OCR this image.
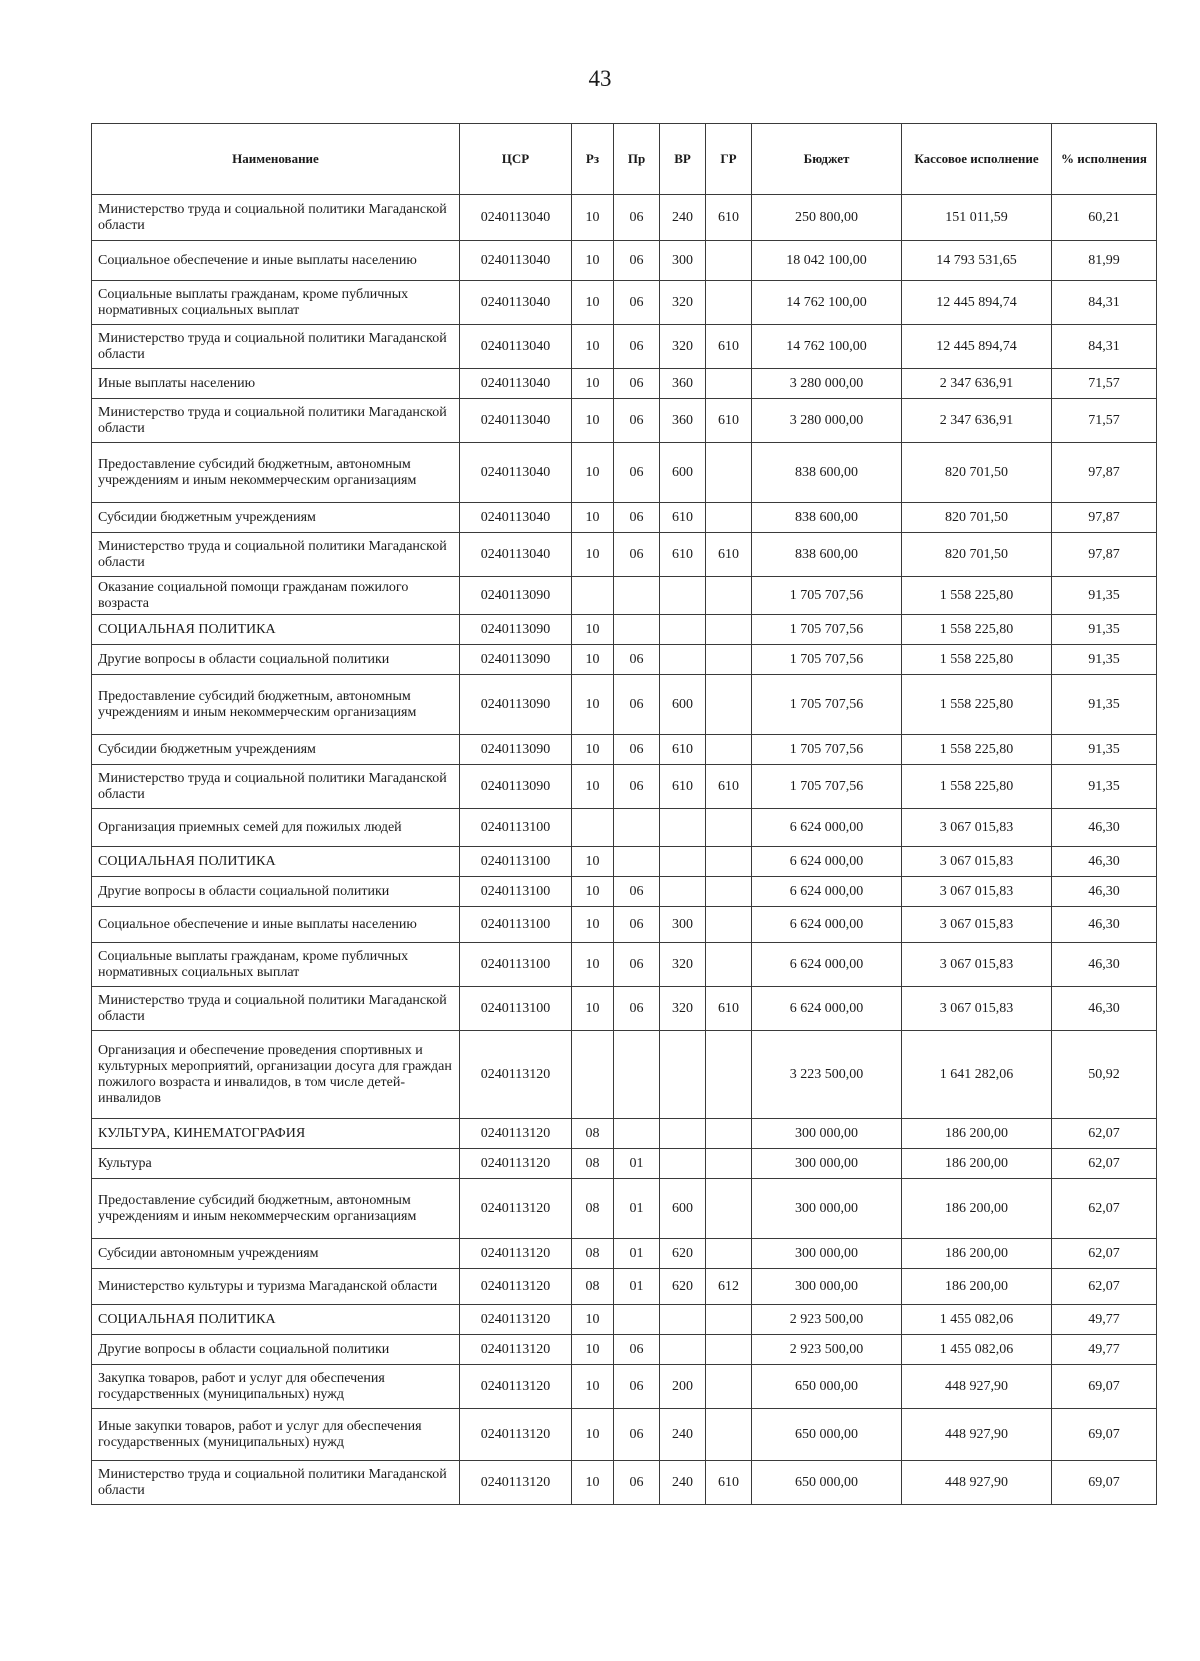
43
Наименование	ЦСР	Рз	Пр	ВР	ГР	Бюджет	Кассовое исполнение	% исполнения
Министерство труда и социальной политики Магаданской области	0240113040	10	06	240	610	250 800,00	151 011,59	60,21
Социальное обеспечение и иные выплаты населению	0240113040	10	06	300		18 042 100,00	14 793 531,65	81,99
Социальные выплаты гражданам, кроме публичных нормативных социальных выплат	0240113040	10	06	320		14 762 100,00	12 445 894,74	84,31
Министерство труда и социальной политики Магаданской области	0240113040	10	06	320	610	14 762 100,00	12 445 894,74	84,31
Иные выплаты населению	0240113040	10	06	360		3 280 000,00	2 347 636,91	71,57
Министерство труда и социальной политики Магаданской области	0240113040	10	06	360	610	3 280 000,00	2 347 636,91	71,57
Предоставление субсидий бюджетным, автономным учреждениям и иным некоммерческим организациям	0240113040	10	06	600		838 600,00	820 701,50	97,87
Субсидии бюджетным учреждениям	0240113040	10	06	610		838 600,00	820 701,50	97,87
Министерство труда и социальной политики Магаданской области	0240113040	10	06	610	610	838 600,00	820 701,50	97,87
Оказание социальной помощи гражданам пожилого возраста	0240113090					1 705 707,56	1 558 225,80	91,35
СОЦИАЛЬНАЯ ПОЛИТИКА	0240113090	10				1 705 707,56	1 558 225,80	91,35
Другие вопросы в области социальной политики	0240113090	10	06			1 705 707,56	1 558 225,80	91,35
Предоставление субсидий бюджетным, автономным учреждениям и иным некоммерческим организациям	0240113090	10	06	600		1 705 707,56	1 558 225,80	91,35
Субсидии бюджетным учреждениям	0240113090	10	06	610		1 705 707,56	1 558 225,80	91,35
Министерство труда и социальной политики Магаданской области	0240113090	10	06	610	610	1 705 707,56	1 558 225,80	91,35
Организация приемных семей для пожилых людей	0240113100					6 624 000,00	3 067 015,83	46,30
СОЦИАЛЬНАЯ ПОЛИТИКА	0240113100	10				6 624 000,00	3 067 015,83	46,30
Другие вопросы в области социальной политики	0240113100	10	06			6 624 000,00	3 067 015,83	46,30
Социальное обеспечение и иные выплаты населению	0240113100	10	06	300		6 624 000,00	3 067 015,83	46,30
Социальные выплаты гражданам, кроме публичных нормативных социальных выплат	0240113100	10	06	320		6 624 000,00	3 067 015,83	46,30
Министерство труда и социальной политики Магаданской области	0240113100	10	06	320	610	6 624 000,00	3 067 015,83	46,30
Организация и обеспечение проведения спортивных и культурных мероприятий, организации досуга для граждан пожилого возраста и инвалидов, в том числе детей-инвалидов	0240113120					3 223 500,00	1 641 282,06	50,92
КУЛЬТУРА, КИНЕМАТОГРАФИЯ	0240113120	08				300 000,00	186 200,00	62,07
Культура	0240113120	08	01			300 000,00	186 200,00	62,07
Предоставление субсидий бюджетным, автономным учреждениям и иным некоммерческим организациям	0240113120	08	01	600		300 000,00	186 200,00	62,07
Субсидии автономным учреждениям	0240113120	08	01	620		300 000,00	186 200,00	62,07
Министерство культуры и туризма Магаданской области	0240113120	08	01	620	612	300 000,00	186 200,00	62,07
СОЦИАЛЬНАЯ ПОЛИТИКА	0240113120	10				2 923 500,00	1 455 082,06	49,77
Другие вопросы в области социальной политики	0240113120	10	06			2 923 500,00	1 455 082,06	49,77
Закупка товаров, работ и услуг для обеспечения государственных (муниципальных) нужд	0240113120	10	06	200		650 000,00	448 927,90	69,07
Иные закупки товаров, работ и услуг для обеспечения государственных (муниципальных) нужд	0240113120	10	06	240		650 000,00	448 927,90	69,07
Министерство труда и социальной политики Магаданской области	0240113120	10	06	240	610	650 000,00	448 927,90	69,07
